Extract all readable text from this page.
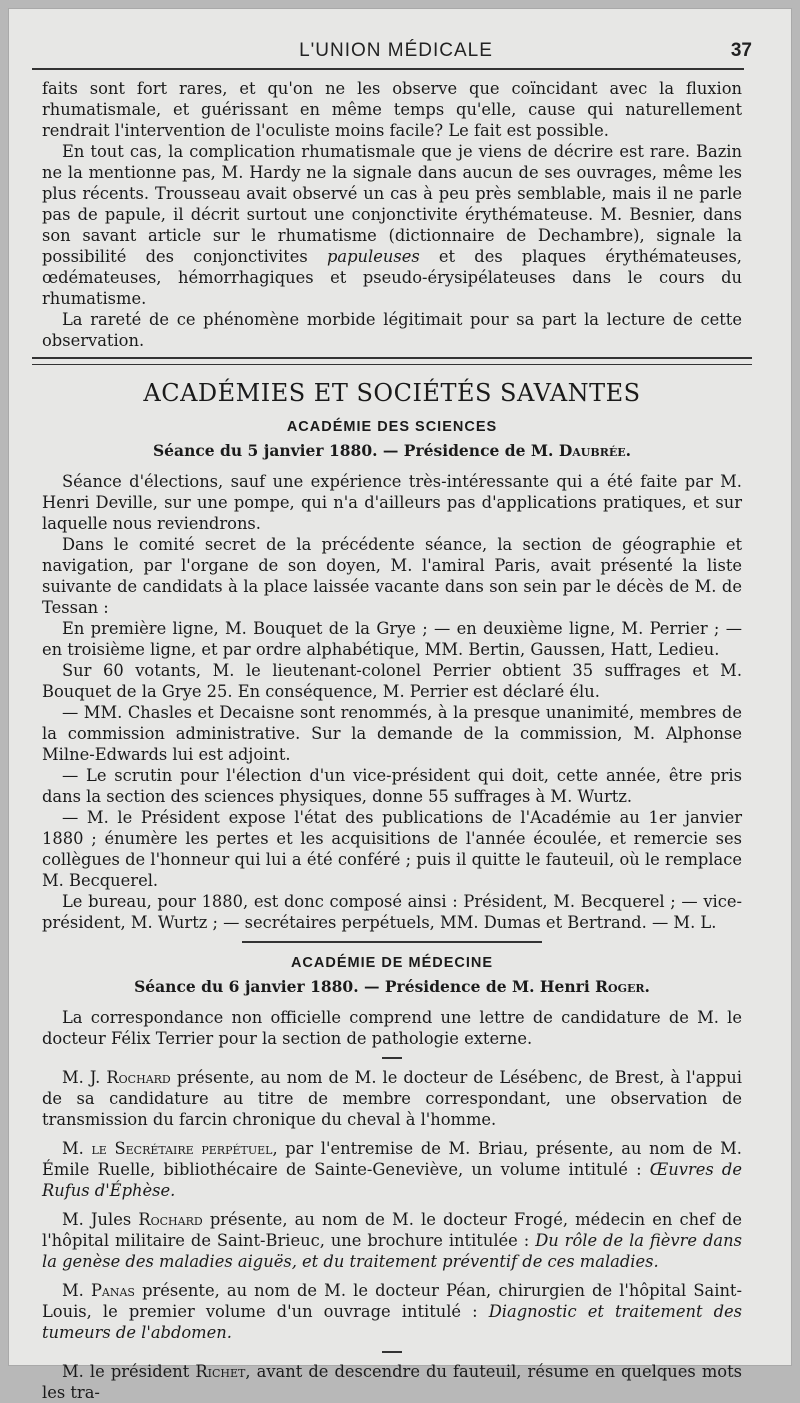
L'UNION MÉDICALE	37

faits sont fort rares, et qu'on ne les observe que coïncidant avec la fluxion rhumatismale, et guérissant en même temps qu'elle, cause qui naturellement rendrait l'intervention de l'oculiste moins facile? Le fait est possible.

En tout cas, la complication rhumatismale que je viens de décrire est rare. Bazin ne la mentionne pas, M. Hardy ne la signale dans aucun de ses ouvrages, même les plus récents. Trousseau avait observé un cas à peu près semblable, mais il ne parle pas de papule, il décrit surtout une conjonctivite érythémateuse. M. Besnier, dans son savant article sur le rhumatisme (dictionnaire de Dechambre), signale la possibilité des conjonctivites papuleuses et des plaques érythémateuses, œdémateuses, hémorrhagiques et pseudo-érysipélateuses dans le cours du rhumatisme.

La rareté de ce phénomène morbide légitimait pour sa part la lecture de cette observation.

ACADÉMIES ET SOCIÉTÉS SAVANTES
ACADÉMIE DES SCIENCES
Séance du 5 janvier 1880. — Présidence de M. Daubrée.

Séance d'élections, sauf une expérience très-intéressante qui a été faite par M. Henri Deville, sur une pompe, qui n'a d'ailleurs pas d'applications pratiques, et sur laquelle nous reviendrons.

Dans le comité secret de la précédente séance, la section de géographie et navigation, par l'organe de son doyen, M. l'amiral Paris, avait présenté la liste suivante de candidats à la place laissée vacante dans son sein par le décès de M. de Tessan :

En première ligne, M. Bouquet de la Grye ; — en deuxième ligne, M. Perrier ; — en troisième ligne, et par ordre alphabétique, MM. Bertin, Gaussen, Hatt, Ledieu.

Sur 60 votants, M. le lieutenant-colonel Perrier obtient 35 suffrages et M. Bouquet de la Grye 25. En conséquence, M. Perrier est déclaré élu.

— MM. Chasles et Decaisne sont renommés, à la presque unanimité, membres de la commission administrative. Sur la demande de la commission, M. Alphonse Milne-Edwards lui est adjoint.

— Le scrutin pour l'élection d'un vice-président qui doit, cette année, être pris dans la section des sciences physiques, donne 55 suffrages à M. Wurtz.

— M. le Président expose l'état des publications de l'Académie au 1er janvier 1880 ; énumère les pertes et les acquisitions de l'année écoulée, et remercie ses collègues de l'honneur qui lui a été conféré ; puis il quitte le fauteuil, où le remplace M. Becquerel.

Le bureau, pour 1880, est donc composé ainsi : Président, M. Becquerel ; — vice-président, M. Wurtz ; — secrétaires perpétuels, MM. Dumas et Bertrand. — M. L.

ACADÉMIE DE MÉDECINE
Séance du 6 janvier 1880. — Présidence de M. Henri Roger.

La correspondance non officielle comprend une lettre de candidature de M. le docteur Félix Terrier pour la section de pathologie externe.

M. J. Rochard présente, au nom de M. le docteur de Lésébenc, de Brest, à l'appui de sa candidature au titre de membre correspondant, une observation de transmission du farcin chronique du cheval à l'homme.

M. le Secrétaire perpétuel, par l'entremise de M. Briau, présente, au nom de M. Émile Ruelle, bibliothécaire de Sainte-Geneviève, un volume intitulé : Œuvres de Rufus d'Éphèse.

M. Jules Rochard présente, au nom de M. le docteur Frogé, médecin en chef de l'hôpital militaire de Saint-Brieuc, une brochure intitulée : Du rôle de la fièvre dans la genèse des maladies aiguës, et du traitement préventif de ces maladies.

M. Panas présente, au nom de M. le docteur Péan, chirurgien de l'hôpital Saint-Louis, le premier volume d'un ouvrage intitulé : Diagnostic et traitement des tumeurs de l'abdomen.

M. le président Richet, avant de descendre du fauteuil, résume en quelques mots les tra-
